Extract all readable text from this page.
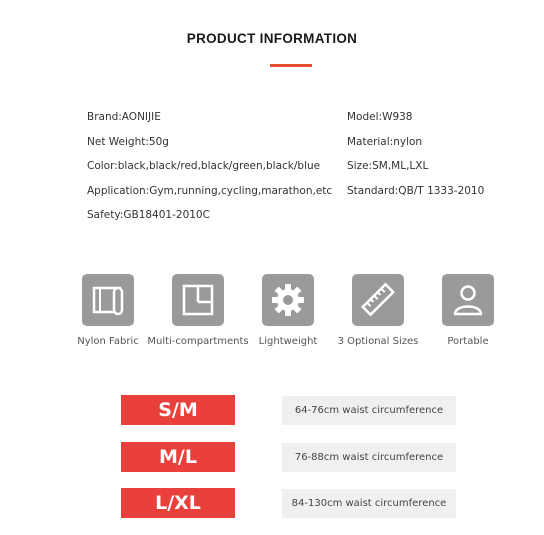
PRODUCT INFORMATION
Brand:AONIJIE	Model:W938
Net Weight:50g	Material:nylon
Color:black,black/red,black/green,black/blue	Size:SM,ML,LXL
Application:Gym,running,cycling,marathon,etc Standard:QB/T 1333-2010
Safety:GB18401-2010C
Nylon Fabric Multi-compartments Lightweight 3 Optional Sizes	Portable
S/M	64-76cm waist circumference
M/L	76-88cm waist circumference
L/XL	84-130cm waist circumference
